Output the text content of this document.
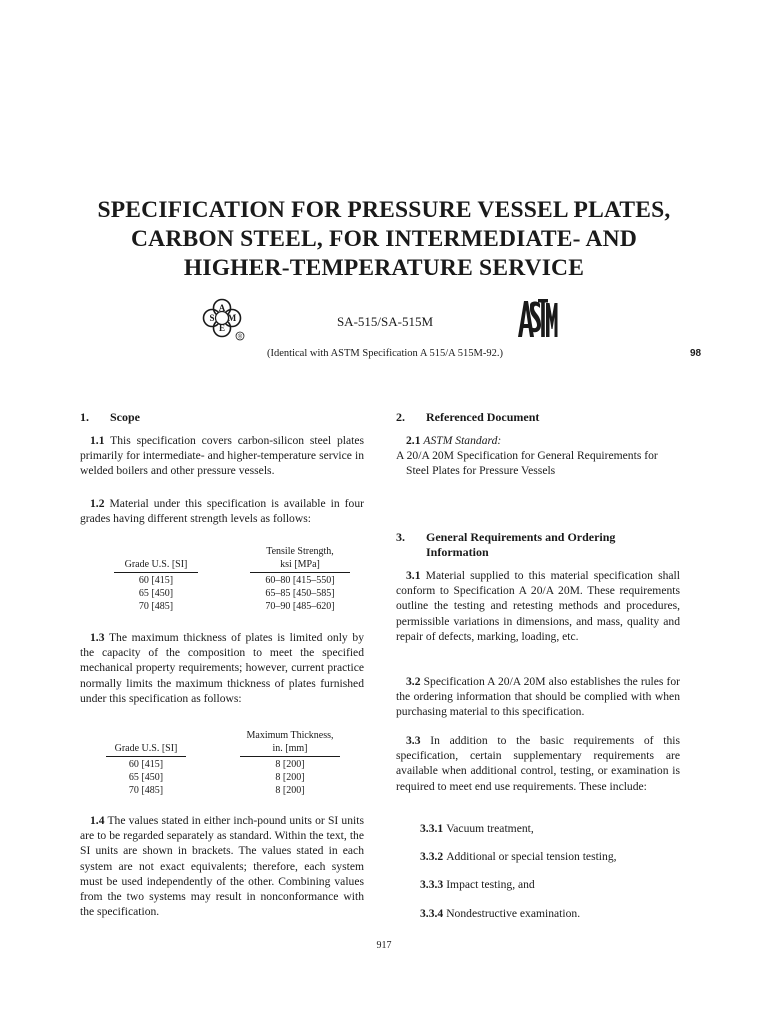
SPECIFICATION FOR PRESSURE VESSEL PLATES,
CARBON STEEL, FOR INTERMEDIATE- AND
HIGHER-TEMPERATURE SERVICE
A
S M
E
®
SA-515/SA-515M
(Identical with ASTM Specification A 515/A 515M-92.)	98
1.	Scope

1.1 This specification covers carbon-silicon steel plates primarily for intermediate- and higher-temperature service in welded boilers and other pressure vessels.

1.2 Material under this specification is available in four grades having different strength levels as follows:

Tensile Strength,
Grade U.S. [SI]	ksi [MPa]
60 [415]	60–80 [415–550]
65 [450]	65–85 [450–585]
70 [485]	70–90 [485–620]

1.3 The maximum thickness of plates is limited only by the capacity of the composition to meet the specified mechanical property requirements; however, current practice normally limits the maximum thickness of plates furnished under this specification as follows:

Maximum Thickness,
Grade U.S. [SI]	in. [mm]
60 [415]	8 [200]
65 [450]	8 [200]
70 [485]	8 [200]

1.4 The values stated in either inch-pound units or SI units are to be regarded separately as standard. Within the text, the SI units are shown in brackets. The values stated in each system are not exact equivalents; therefore, each system must be used independently of the other. Combining values from the two systems may result in nonconformance with the specification.

2.	Referenced Document

2.1 ASTM Standard:

A 20/A 20M Specification for General Requirements for

Steel Plates for Pressure Vessels

3.	General Requirements and Ordering
Information

3.1 Material supplied to this material specification shall conform to Specification A 20/A 20M. These requirements outline the testing and retesting methods and procedures, permissible variations in dimensions, and mass, quality and repair of defects, marking, loading, etc.

3.2 Specification A 20/A 20M also establishes the rules for the ordering information that should be complied with when purchasing material to this specification.

3.3 In addition to the basic requirements of this specification, certain supplementary requirements are available when additional control, testing, or examination is required to meet end use requirements. These include:

3.3.1 Vacuum treatment,
3.3.2 Additional or special tension testing,
3.3.3 Impact testing, and
3.3.4 Nondestructive examination.
917
